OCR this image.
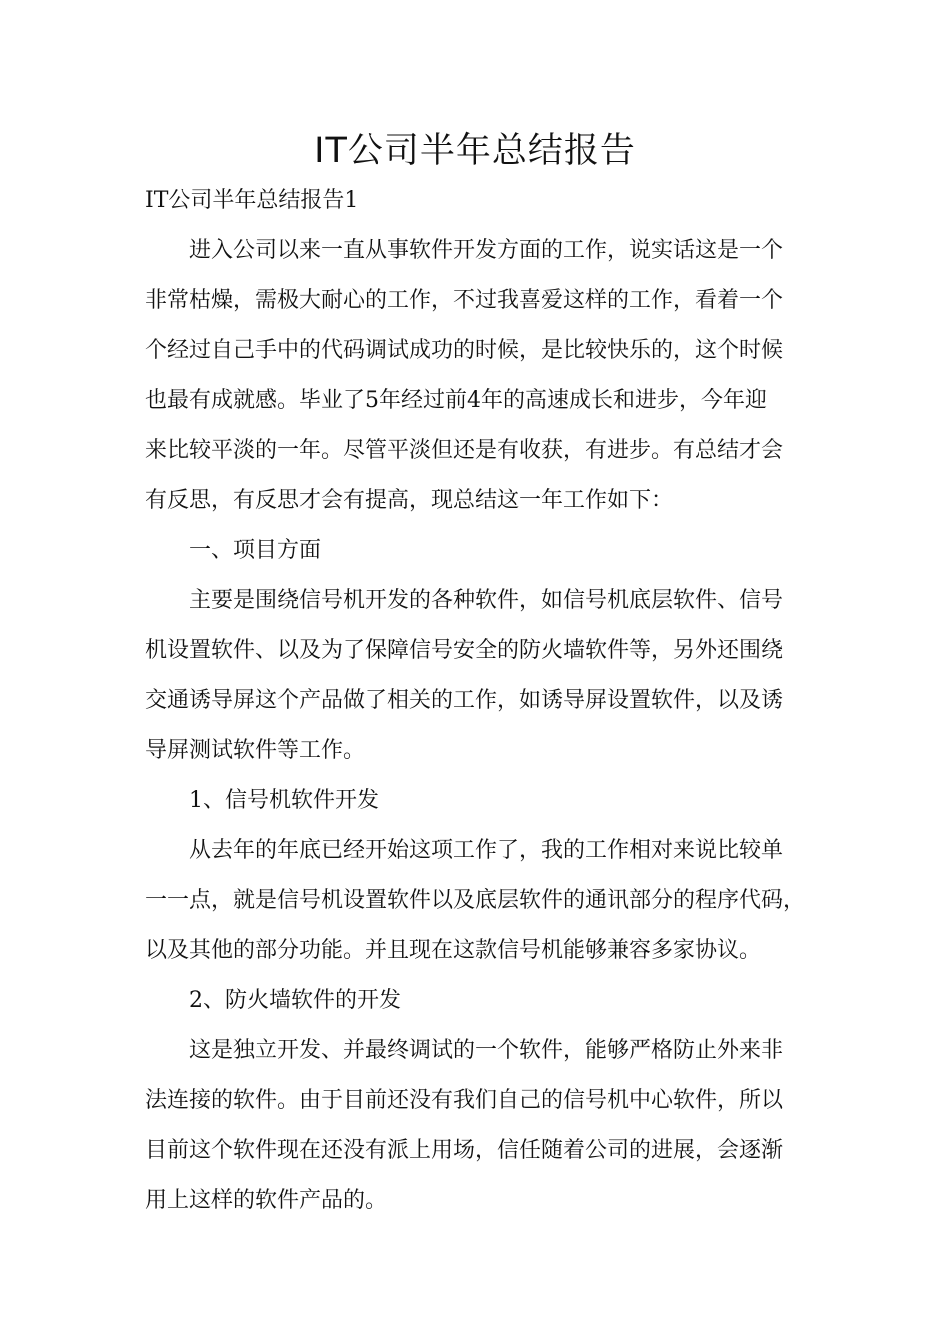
IT公司半年总结报告

IT公司半年总结报告1

进入公司以来一直从事软件开发方面的工作，说实话这是一个
非常枯燥，需极大耐心的工作，不过我喜爱这样的工作，看着一个
个经过自己手中的代码调试成功的时候，是比较快乐的，这个时候
也最有成就感。毕业了5年经过前4年的高速成长和进步，今年迎
来比较平淡的一年。尽管平淡但还是有收获，有进步。有总结才会
有反思，有反思才会有提高，现总结这一年工作如下：
一、项目方面
主要是围绕信号机开发的各种软件，如信号机底层软件、信号
机设置软件、以及为了保障信号安全的防火墙软件等，另外还围绕
交通诱导屏这个产品做了相关的工作，如诱导屏设置软件，以及诱
导屏测试软件等工作。
1、信号机软件开发
从去年的年底已经开始这项工作了，我的工作相对来说比较单
一一点，就是信号机设置软件以及底层软件的通讯部分的程序代码，
以及其他的部分功能。并且现在这款信号机能够兼容多家协议。
2、防火墙软件的开发
这是独立开发、并最终调试的一个软件，能够严格防止外来非
法连接的软件。由于目前还没有我们自己的信号机中心软件，所以
目前这个软件现在还没有派上用场，信任随着公司的进展，会逐渐
用上这样的软件产品的。
